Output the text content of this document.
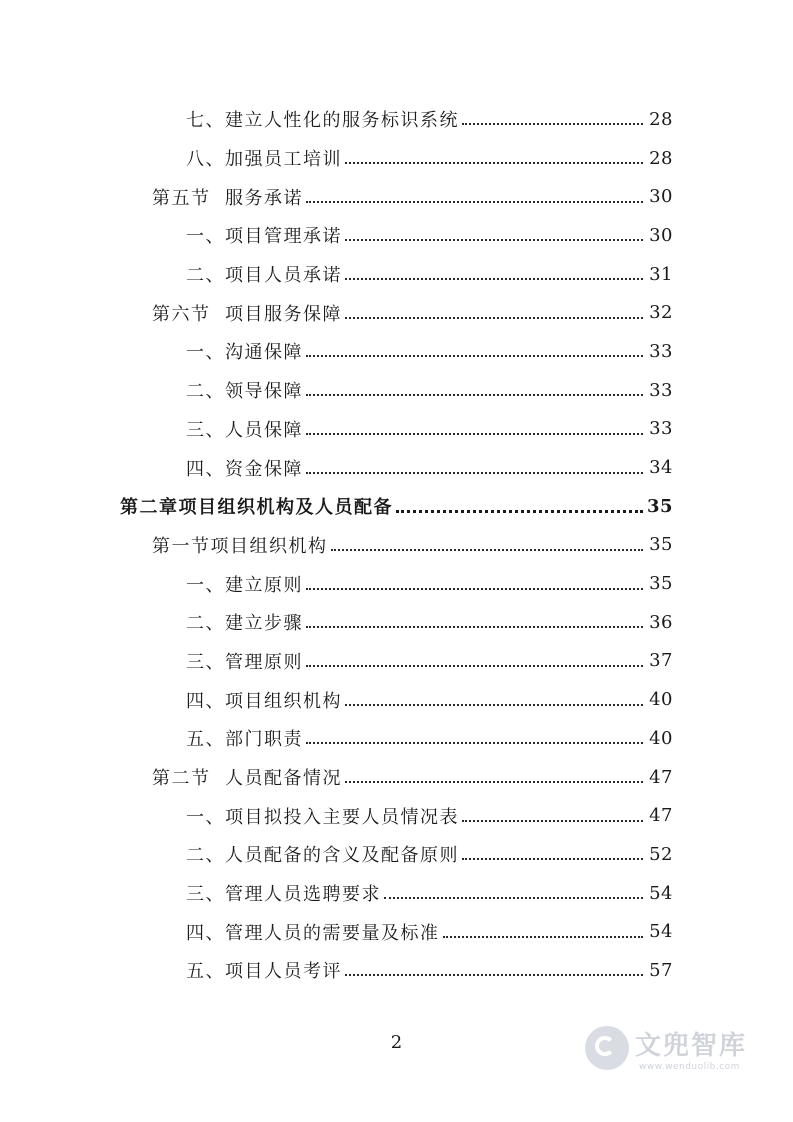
七、建立人性化的服务标识系统	28
八、加强员工培训	28
第五节  服务承诺	30
一、项目管理承诺	30
二、项目人员承诺	31
第六节  项目服务保障	32
一、沟通保障	33
二、领导保障	33
三、人员保障	33
四、资金保障	34
第二章项目组织机构及人员配备	35
第一节项目组织机构	35
一、建立原则	35
二、建立步骤	36
三、管理原则	37
四、项目组织机构	40
五、部门职责	40
第二节  人员配备情况	47
一、项目拟投入主要人员情况表	47
二、人员配备的含义及配备原则	52
三、管理人员选聘要求	54
四、管理人员的需要量及标准	54
五、项目人员考评	57
2	文兜智库
www.wenduolib.com
